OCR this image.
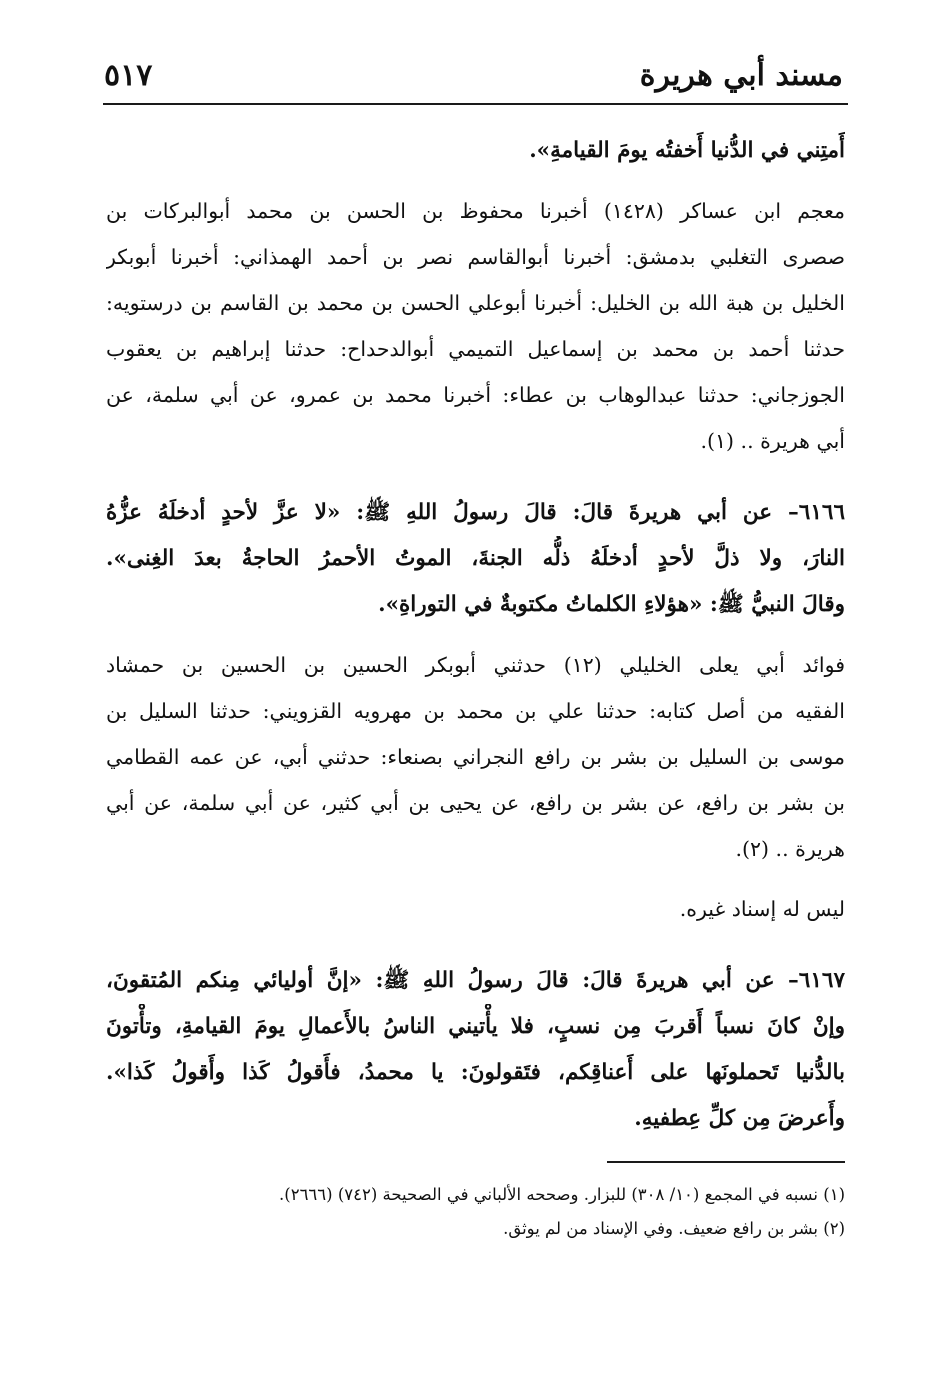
مسند أبي هريرة
٥١٧
أَمتِني في الدُّنيا أَخفتُه يومَ القيامةِ».
معجم ابن عساكر (١٤٢٨) أخبرنا محفوظ بن الحسن بن محمد أبوالبركات بن
صصرى التغلبي بدمشق: أخبرنا أبوالقاسم نصر بن أحمد الهمذاني: أخبرنا أبوبكر
الخليل بن هبة الله بن الخليل: أخبرنا أبوعلي الحسن بن محمد بن القاسم بن درستويه:
حدثنا أحمد بن محمد بن إسماعيل التميمي أبوالدحداح: حدثنا إبراهيم بن يعقوب
الجوزجاني: حدثنا عبدالوهاب بن عطاء: أخبرنا محمد بن عمرو، عن أبي سلمة، عن
أبي هريرة .. (١).
٦١٦٦– عن أبي هريرةَ قالَ: قالَ رسولُ اللهِ ﷺ: «لا عزَّ لأحدٍ أدخلَهُ عزُّهُ
النارَ، ولا ذلَّ لأحدٍ أدخلَهُ ذلُّه الجنةَ، الموتُ الأحمرُ الحاجةُ بعدَ الغِنى».
وقالَ النبيُّ ﷺ: «هؤلاءِ الكلماتُ مكتوبةٌ في التوراةِ».
فوائد أبي يعلى الخليلي (١٢) حدثني أبوبكر الحسين بن الحسين بن حمشاد
الفقيه من أصل كتابه: حدثنا علي بن محمد بن مهرويه القزويني: حدثنا السليل بن
موسى بن السليل بن بشر بن رافع النجراني بصنعاء: حدثني أبي، عن عمه القطامي
بن بشر بن رافع، عن بشر بن رافع، عن يحيى بن أبي كثير، عن أبي سلمة، عن أبي
هريرة .. (٢).
ليس له إسناد غيره.
٦١٦٧– عن أبي هريرةَ قالَ: قالَ رسولُ اللهِ ﷺ: «إنَّ أوليائي مِنكم المُتقونَ،
وإنْ كانَ نسباً أَقربَ مِن نسبٍ، فلا يأْتيني الناسُ بالأَعمالِ يومَ القيامةِ، وتأْتونَ
بالدُّنيا تَحملونَها على أَعناقِكم، فتَقولونَ: يا محمدُ، فأَقولُ كَذا وأَقولُ كَذا».
وأَعرضَ مِن كلِّ عِطفيهِ.
(١) نسبه في المجمع (١٠/ ٣٠٨) للبزار. وصححه الألباني في الصحيحة (٧٤٢) (٢٦٦٦).
(٢) بشر بن رافع ضعيف. وفي الإسناد من لم يوثق.
